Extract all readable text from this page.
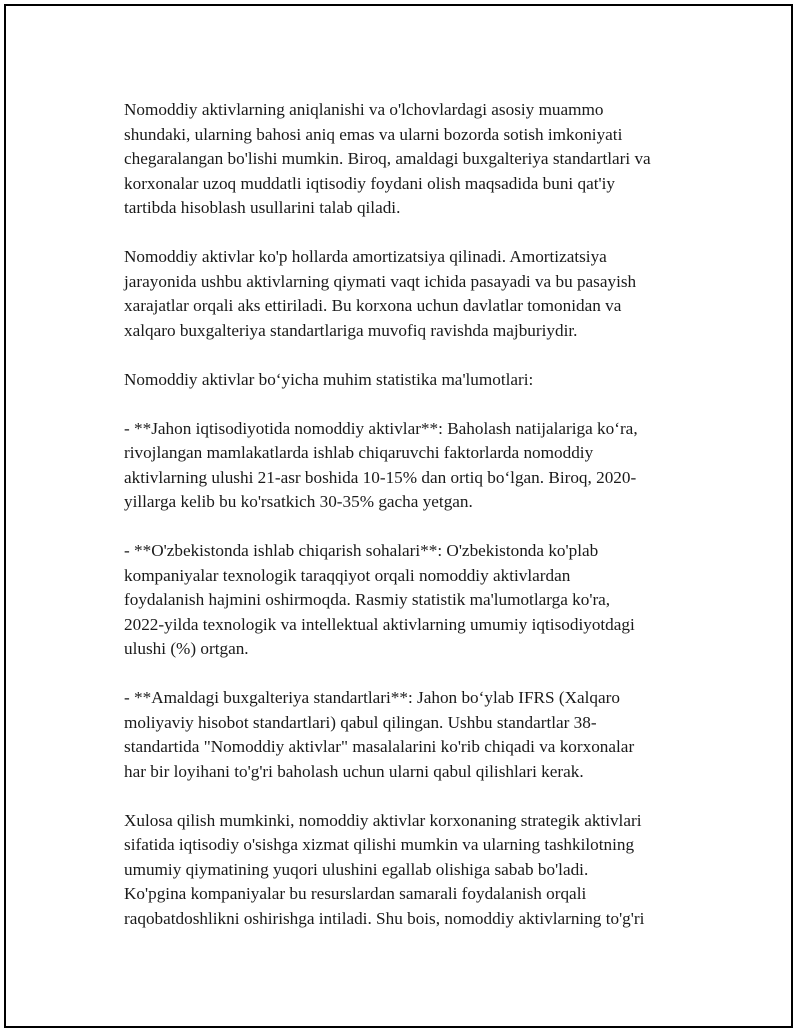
Nomoddiy aktivlarning aniqlanishi va o'lchovlardagi asosiy muammo
shundaki, ularning bahosi aniq emas va ularni bozorda sotish imkoniyati
chegaralangan bo'lishi mumkin. Biroq, amaldagi buxgalteriya standartlari va
korxonalar uzoq muddatli iqtisodiy foydani olish maqsadida buni qat'iy
tartibda hisoblash usullarini talab qiladi.

Nomoddiy aktivlar ko'p hollarda amortizatsiya qilinadi. Amortizatsiya
jarayonida ushbu aktivlarning qiymati vaqt ichida pasayadi va bu pasayish
xarajatlar orqali aks ettiriladi. Bu korxona uchun davlatlar tomonidan va
xalqaro buxgalteriya standartlariga muvofiq ravishda majburiydir.

Nomoddiy aktivlar bo‘yicha muhim statistika ma'lumotlari:

- **Jahon iqtisodiyotida nomoddiy aktivlar**: Baholash natijalariga ko‘ra,
rivojlangan mamlakatlarda ishlab chiqaruvchi faktorlarda nomoddiy
aktivlarning ulushi 21-asr boshida 10-15% dan ortiq bo‘lgan. Biroq, 2020-
yillarga kelib bu ko'rsatkich 30-35% gacha yetgan.

- **O'zbekistonda ishlab chiqarish sohalari**: O'zbekistonda ko'plab
kompaniyalar texnologik taraqqiyot orqali nomoddiy aktivlardan
foydalanish hajmini oshirmoqda. Rasmiy statistik ma'lumotlarga ko'ra,
2022-yilda texnologik va intellektual aktivlarning umumiy iqtisodiyotdagi
ulushi (%) ortgan.

- **Amaldagi buxgalteriya standartlari**: Jahon bo‘ylab IFRS (Xalqaro
moliyaviy hisobot standartlari) qabul qilingan. Ushbu standartlar 38-
standartida "Nomoddiy aktivlar" masalalarini ko'rib chiqadi va korxonalar
har bir loyihani to'g'ri baholash uchun ularni qabul qilishlari kerak.

Xulosa qilish mumkinki, nomoddiy aktivlar korxonaning strategik aktivlari
sifatida iqtisodiy o'sishga xizmat qilishi mumkin va ularning tashkilotning
umumiy qiymatining yuqori ulushini egallab olishiga sabab bo'ladi.
Ko'pgina kompaniyalar bu resurslardan samarali foydalanish orqali
raqobatdoshlikni oshirishga intiladi. Shu bois, nomoddiy aktivlarning to'g'ri
